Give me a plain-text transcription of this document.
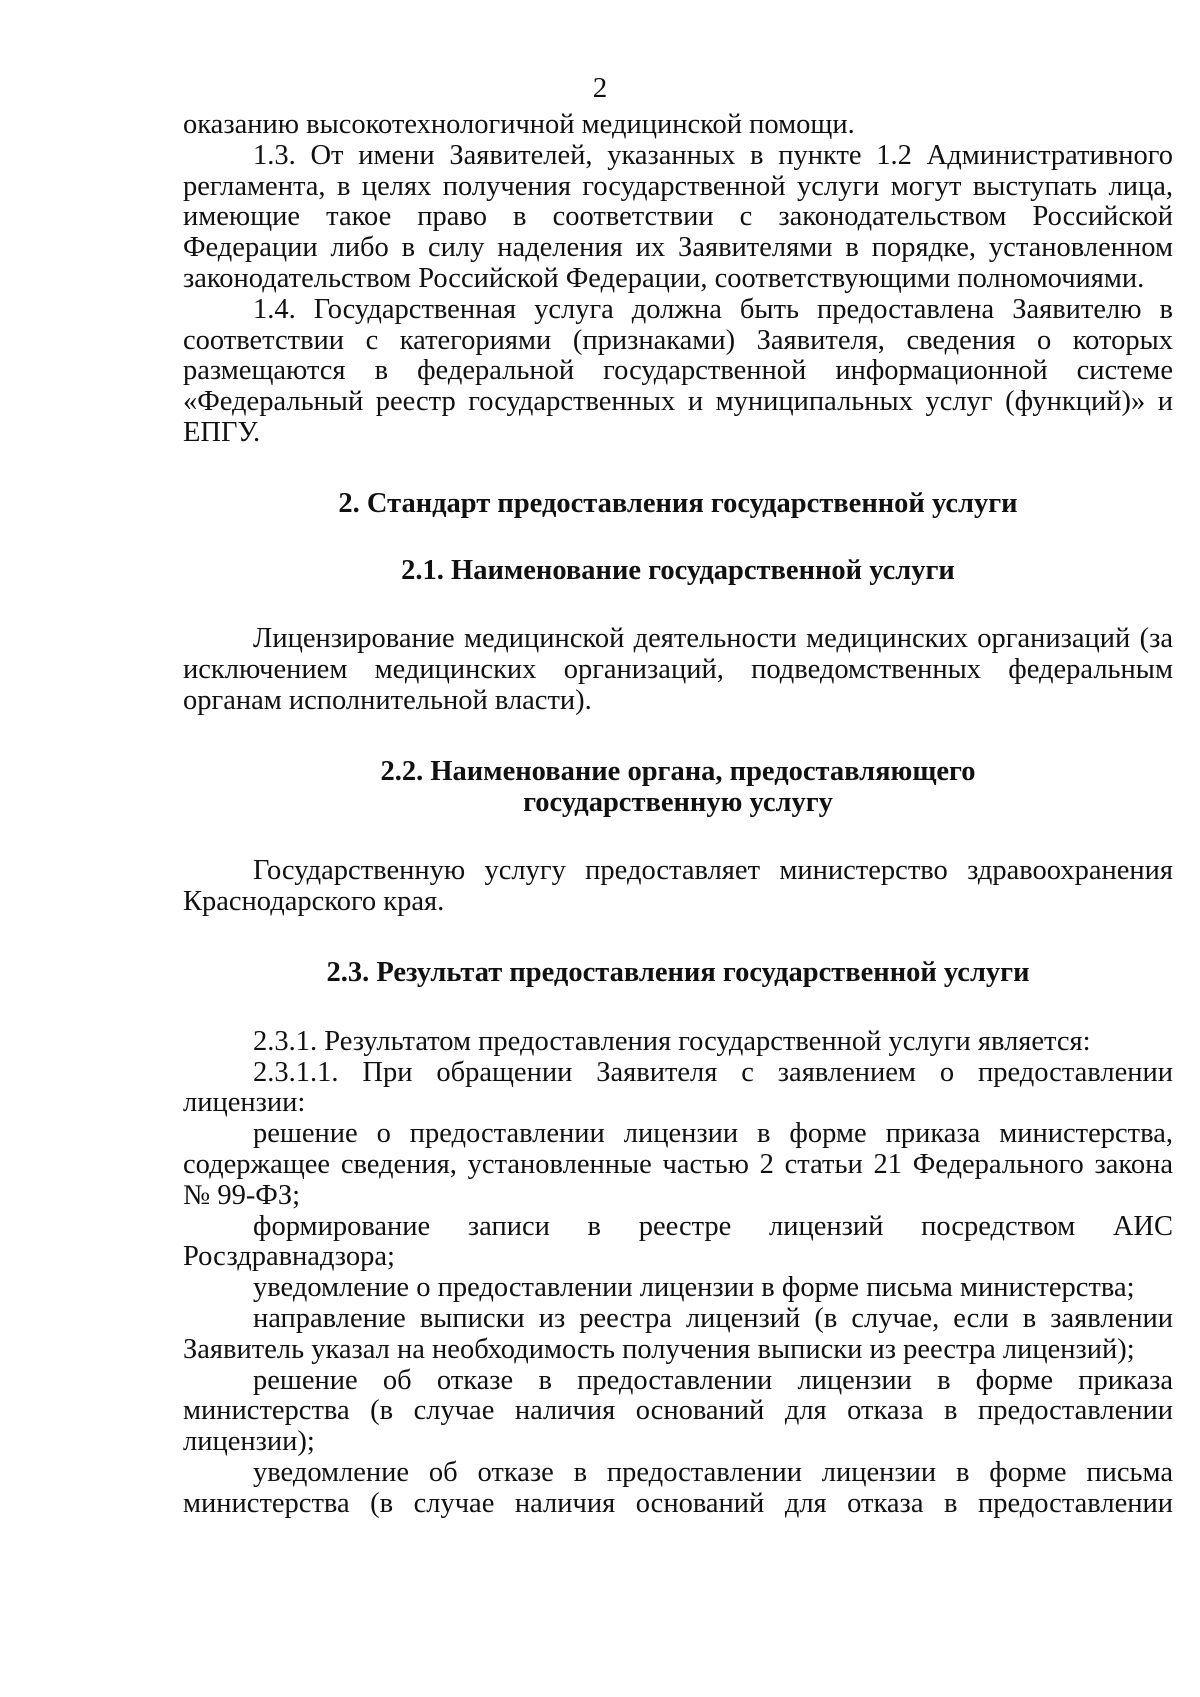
2

оказанию высокотехнологичной медицинской помощи.

1.3. От имени Заявителей, указанных в пункте 1.2 Административного регламента, в целях получения государственной услуги могут выступать лица, имеющие такое право в соответствии с законодательством Российской Федерации либо в силу наделения их Заявителями в порядке, установленном законодательством Российской Федерации, соответствующими полномочиями.

1.4. Государственная услуга должна быть предоставлена Заявителю в соответствии с категориями (признаками) Заявителя, сведения о которых размещаются в федеральной государственной информационной системе «Федеральный реестр государственных и муниципальных услуг (функций)» и ЕПГУ.

2. Стандарт предоставления государственной услуги

2.1. Наименование государственной услуги

Лицензирование медицинской деятельности медицинских организаций (за исключением медицинских организаций, подведомственных федеральным органам исполнительной власти).

2.2. Наименование органа, предоставляющего
государственную услугу

Государственную услугу предоставляет министерство здравоохранения Краснодарского края.

2.3. Результат предоставления государственной услуги

2.3.1. Результатом предоставления государственной услуги является:

2.3.1.1. При обращении Заявителя с заявлением о предоставлении лицензии:

решение о предоставлении лицензии в форме приказа министерства, содержащее сведения, установленные частью 2 статьи 21 Федерального закона № 99-ФЗ;

формирование записи в реестре лицензий посредством АИС Росздравнадзора;

уведомление о предоставлении лицензии в форме письма министерства;

направление выписки из реестра лицензий (в случае, если в заявлении Заявитель указал на необходимость получения выписки из реестра лицензий);

решение об отказе в предоставлении лицензии в форме приказа министерства (в случае наличия оснований для отказа в предоставлении лицензии);

уведомление об отказе в предоставлении лицензии в форме письма министерства (в случае наличия оснований для отказа в предоставлении
